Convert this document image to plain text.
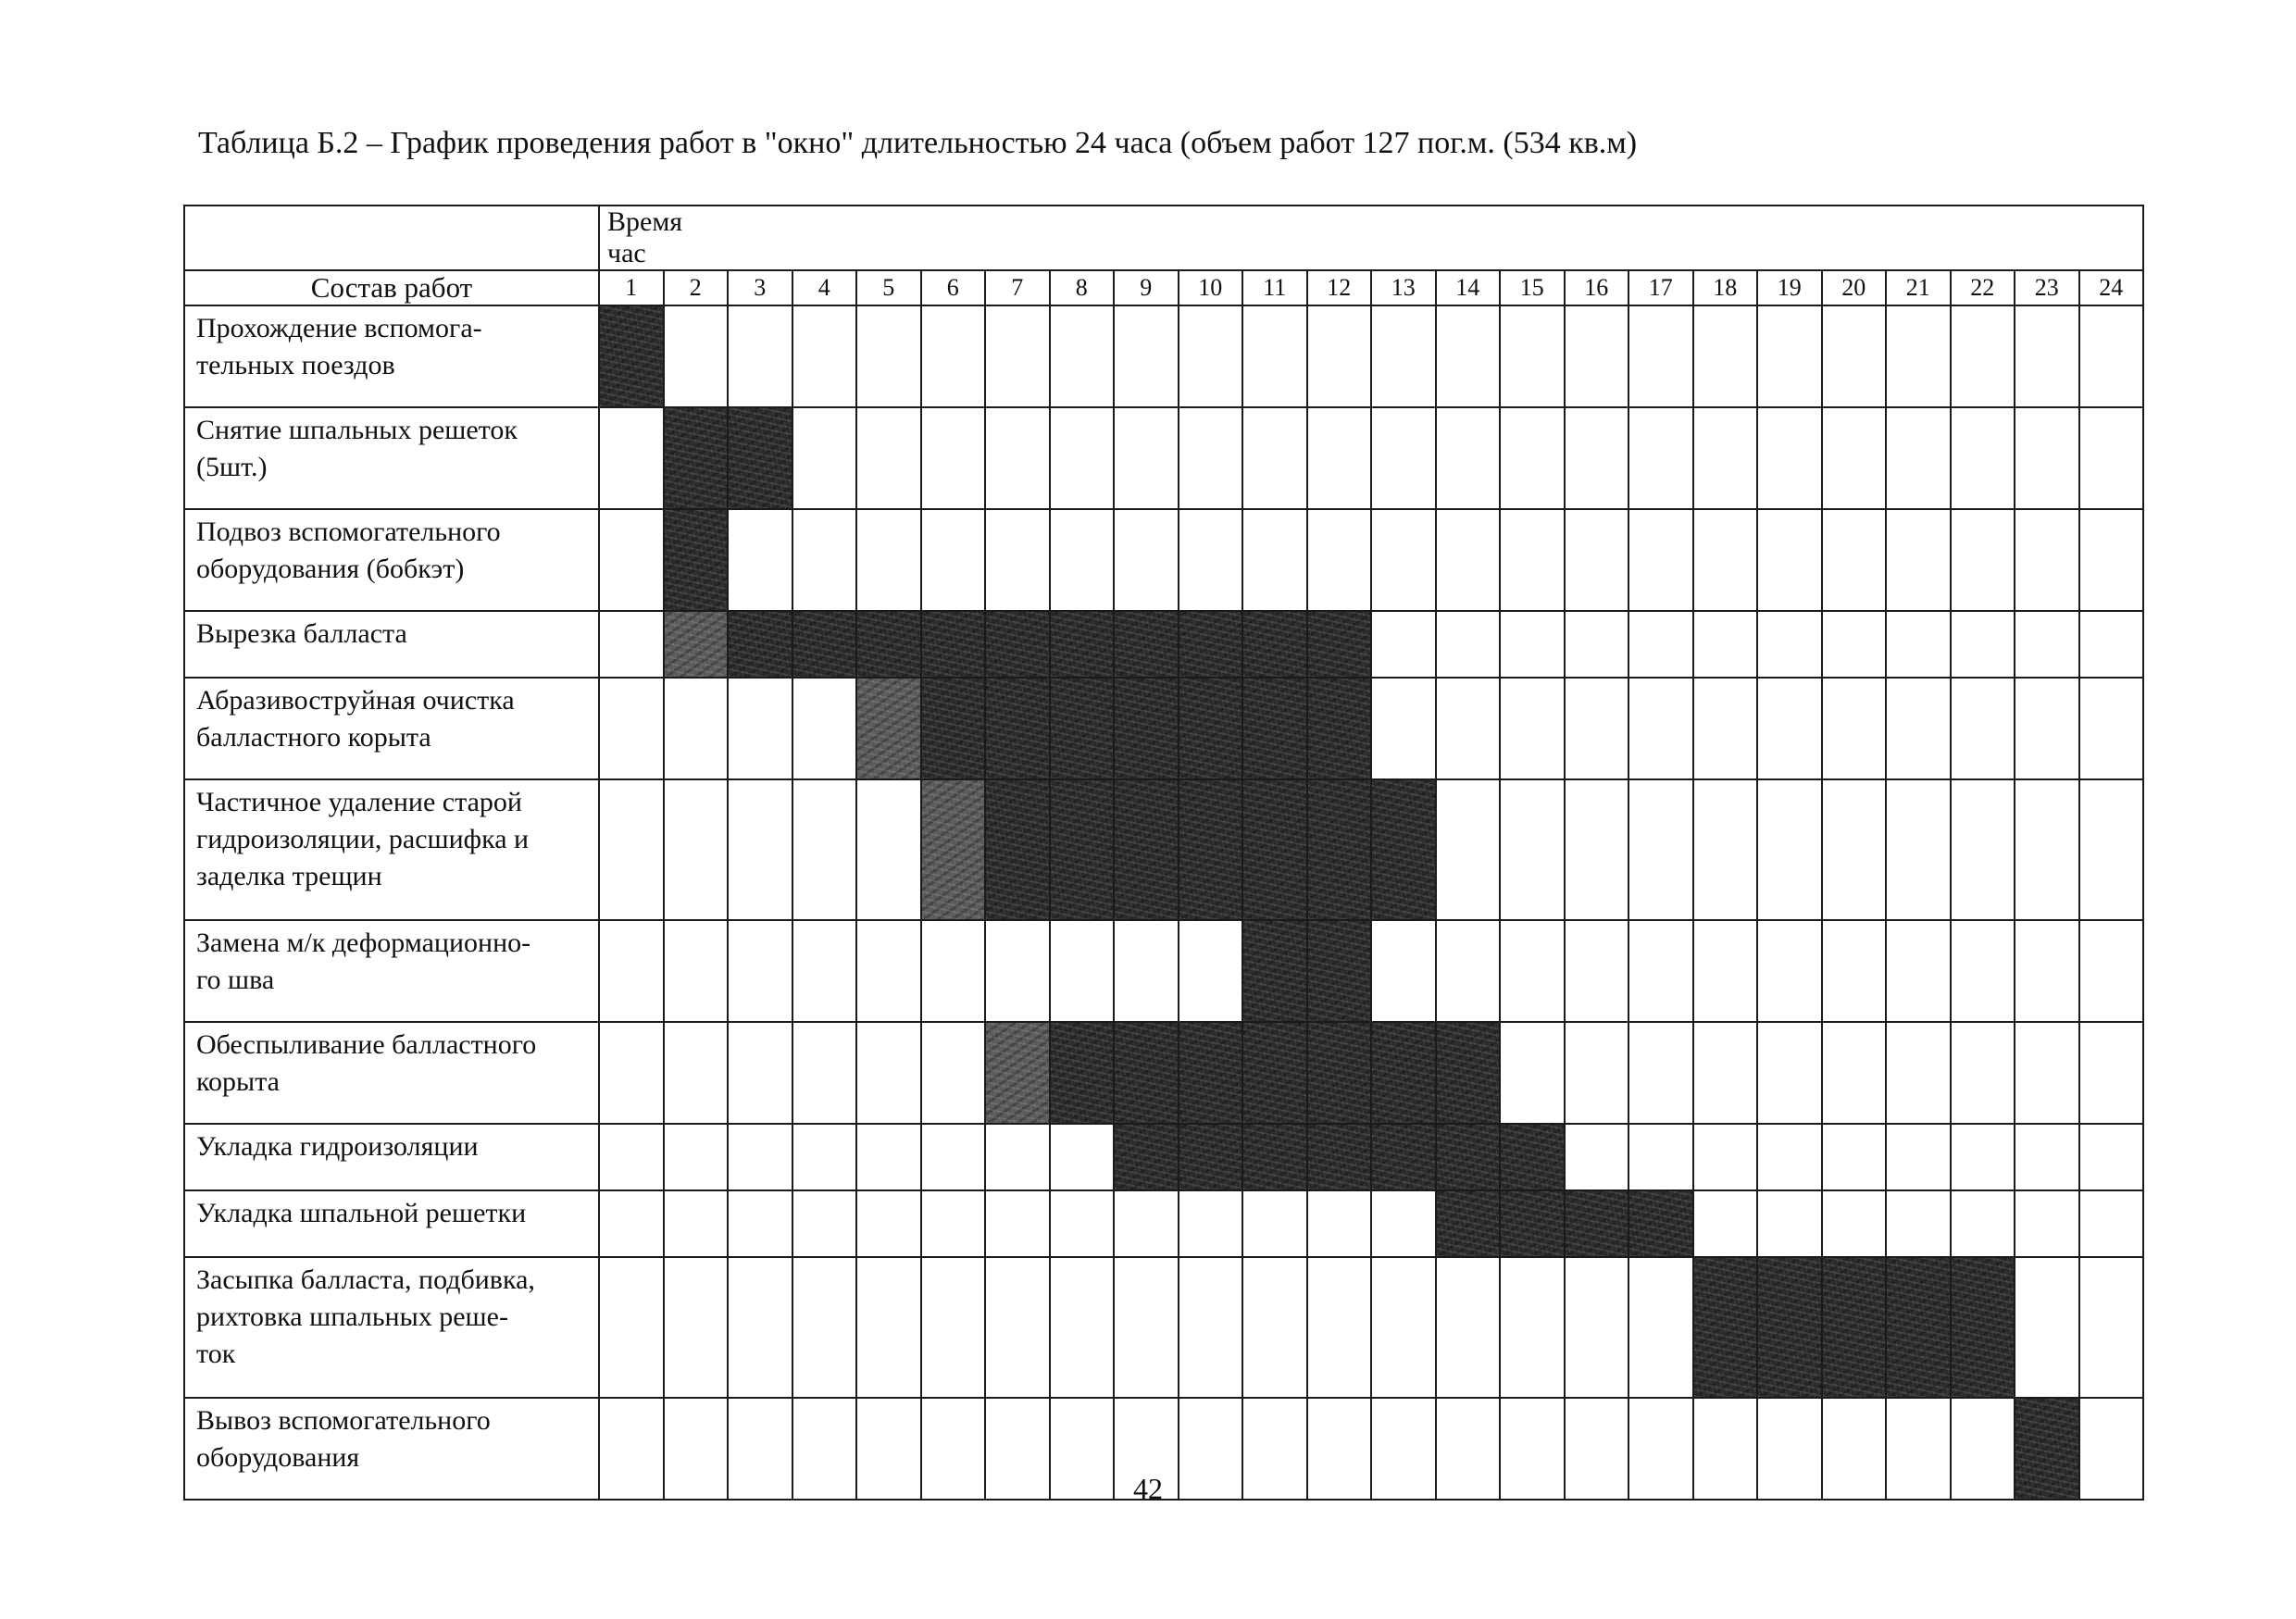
Таблица Б.2 – График проведения работ в "окно" длительностью 24 часа (объем работ 127 пог.м. (534 кв.м)

	Время час																							
Состав работ	1	2	3	4	5	6	7	8	9	10	11	12	13	14	15	16	17	18	19	20	21	22	23	24

Прохождение вспомога-
тельных поездов																								

Снятие шпальных решеток
(5шт.)																								

Подвоз вспомогательного
оборудования (бобкэт)																								

Вырезка балласта																								

Абразивоструйная очистка
балластного корыта																								

Частичное удаление старой
гидроизоляции, расшифка и
заделка трещин																								

Замена м/к деформационно-
го шва																								

Обеспыливание балластного
корыта																								

Укладка гидроизоляции																								

Укладка шпальной решетки																								

Засыпка балласта, подбивка,
рихтовка шпальных реше-
ток																								

Вывоз вспомогательного
оборудования																								

42
